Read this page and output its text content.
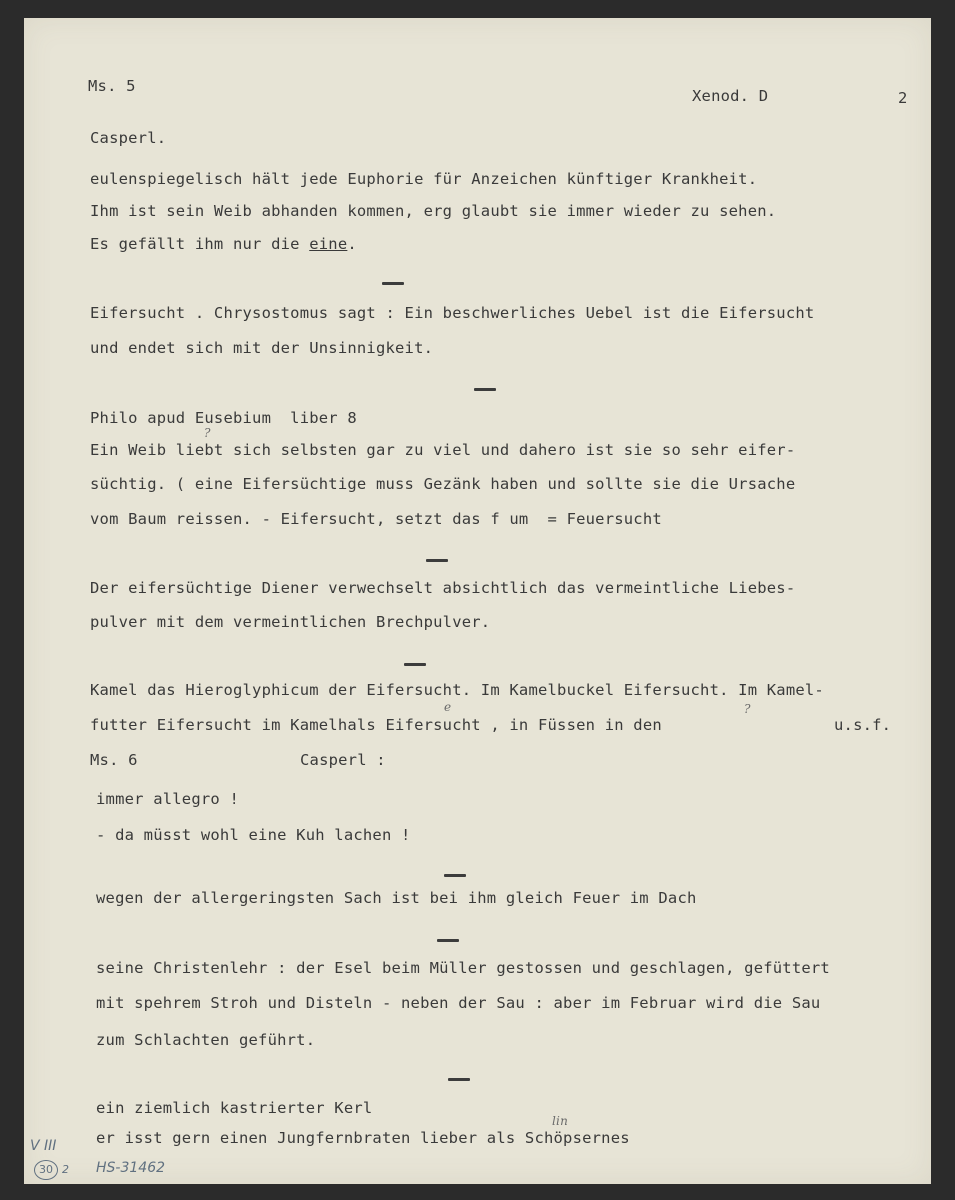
Ms. 5
Xenod. D	2
Casperl.
eulenspiegelisch hält jede Euphorie für Anzeichen künftiger Krankheit.
Ihm ist sein Weib abhanden kommen, erg glaubt sie immer wieder zu sehen.
Es gefällt ihm nur die eine.
Eifersucht . Chrysostomus sagt : Ein beschwerliches Uebel ist die Eifersucht
und endet sich mit der Unsinnigkeit.
Philo apud Eusebium  liber 8
?
Ein Weib liebt sich selbsten gar zu viel und dahero ist sie so sehr eifer-
süchtig. ( eine Eifersüchtige muss Gezänk haben und sollte sie die Ursache
vom Baum reissen. - Eifersucht, setzt das f um  = Feuersucht
Der eifersüchtige Diener verwechselt absichtlich das vermeintliche Liebes-
pulver mit dem vermeintlichen Brechpulver.
Kamel das Hieroglyphicum der Eifersucht. Im Kamelbuckel Eifersucht. Im Kamel-
e	?
futter Eifersucht im Kamelhals Eifersucht , in Füssen in den	u.s.f.
Ms. 6	Casperl :
immer allegro !
- da müsst wohl eine Kuh lachen !
wegen der allergeringsten Sach ist bei ihm gleich Feuer im Dach
seine Christenlehr : der Esel beim Müller gestossen und geschlagen, gefüttert
mit spehrem Stroh und Disteln - neben der Sau : aber im Februar wird die Sau
zum Schlachten geführt.
ein ziemlich kastrierter Kerl
lin
er isst gern einen Jungfernbraten lieber als Schöpsernes
V III
30 2 HS-31462
